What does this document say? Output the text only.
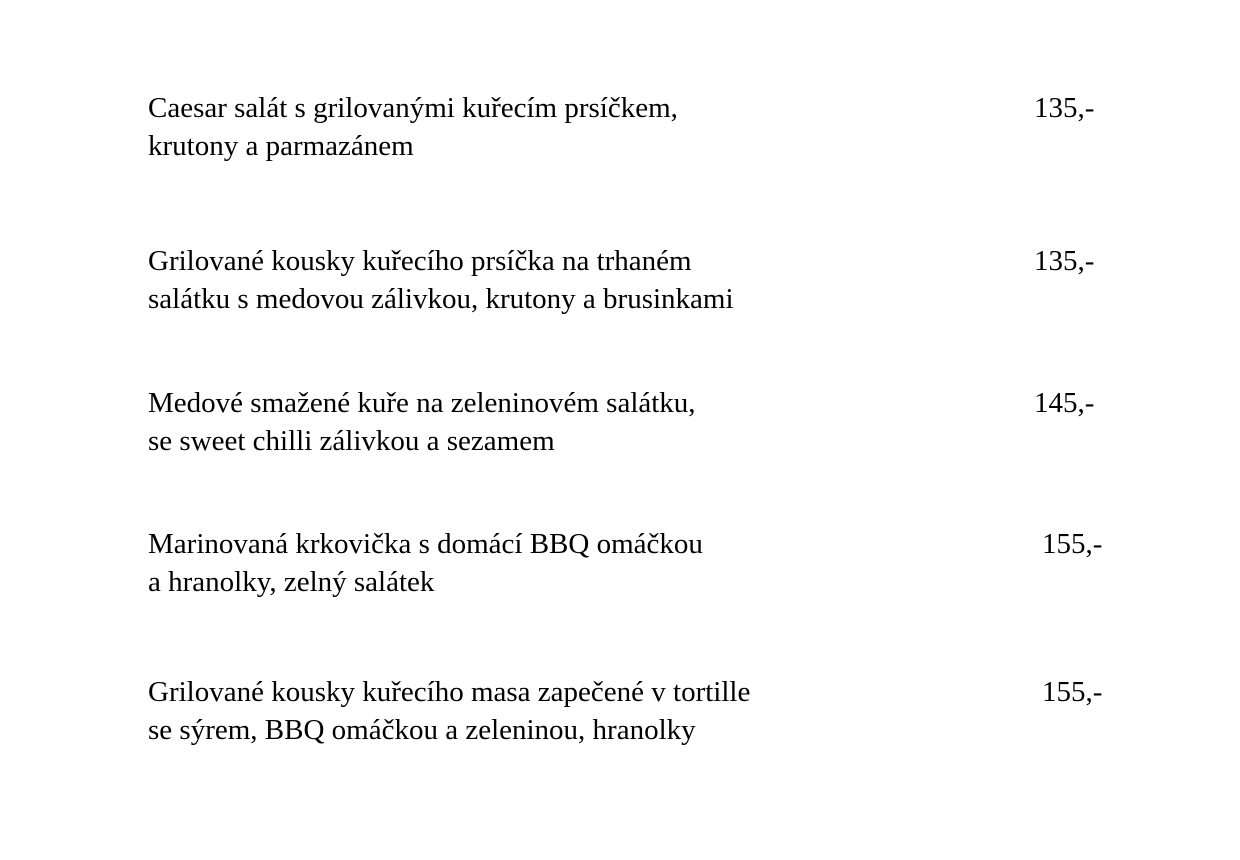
Caesar salát s grilovanými kuřecím prsíčkem,
krutony a parmazánem
135,-
Grilované kousky kuřecího prsíčka na trhaném
salátku s medovou zálivkou, krutony a brusinkami
135,-
Medové smažené kuře na zeleninovém salátku,
se sweet chilli zálivkou a sezamem
145,-
Marinovaná krkovička s domácí BBQ omáčkou
a hranolky, zelný salátek
155,-
Grilované kousky kuřecího masa zapečené v tortille
se sýrem, BBQ omáčkou a zeleninou, hranolky
155,-
